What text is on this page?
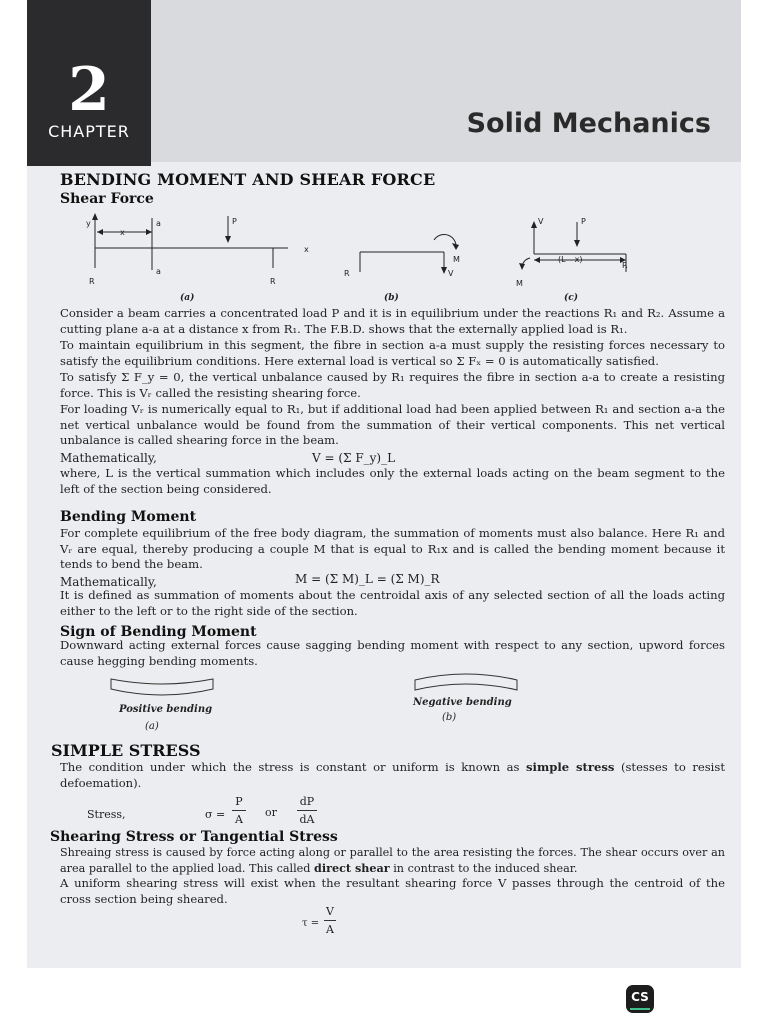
2
CHAPTER	Solid Mechanics
BENDING MOMENT AND SHEAR FORCE
Shear Force
y
x
a
a
P
x
R	R
R
M
V
V	P
(L – x)
R
M
(a)	(b)	(c)
Consider a beam carries a concentrated load P and it is in equilibrium under the reactions R₁ and R₂. Assume a cutting plane a-a at a distance x from R₁. The F.B.D. shows that the externally applied load is R₁.
To maintain equilibrium in this segment, the fibre in section a-a must supply the resisting forces necessary to satisfy the equilibrium conditions. Here external load is vertical so Σ Fₓ = 0 is automatically satisfied.
To satisfy Σ F_y = 0, the vertical unbalance caused by R₁ requires the fibre in section a-a to create a resisting force. This is Vᵣ called the resisting shearing force.
For loading Vᵣ is numerically equal to R₁, but if additional load had been applied between R₁ and section a-a the net vertical unbalance would be found from the summation of their vertical components. This net vertical unbalance is called shearing force in the beam.
Mathematically,	V = (Σ F_y)_L
where, L is the vertical summation which includes only the external loads acting on the beam segment to the left of the section being considered.
Bending Moment
For complete equilibrium of the free body diagram, the summation of moments must also balance. Here R₁ and Vᵣ are equal, thereby producing a couple M that is equal to R₁x and is called the bending moment because it tends to bend the beam.
Mathematically,	M = (Σ M)_L = (Σ M)_R
It is defined as summation of moments about the centroidal axis of any selected section of all the loads acting either to the left or to the right side of the section.
Sign of Bending Moment
Downward acting external forces cause sagging bending moment with respect to any section, upword forces cause hegging bending moments.
Positive bending
(a)
Negative bending
(b)
SIMPLE STRESS
The condition under which the stress is constant or uniform is known as simple stress (stesses to resist defoemation).
Stress,	σ =
P
A
or
dP
dA
Shearing Stress or Tangential Stress
Shreaing stress is caused by force acting along or parallel to the area resisting the forces. The shear occurs over an area parallel to the applied load. This called direct shear in contrast to the induced shear.
A uniform shearing stress will exist when the resultant shearing force V passes through the centroid of the cross section being sheared.
τ =
V
A
CS
